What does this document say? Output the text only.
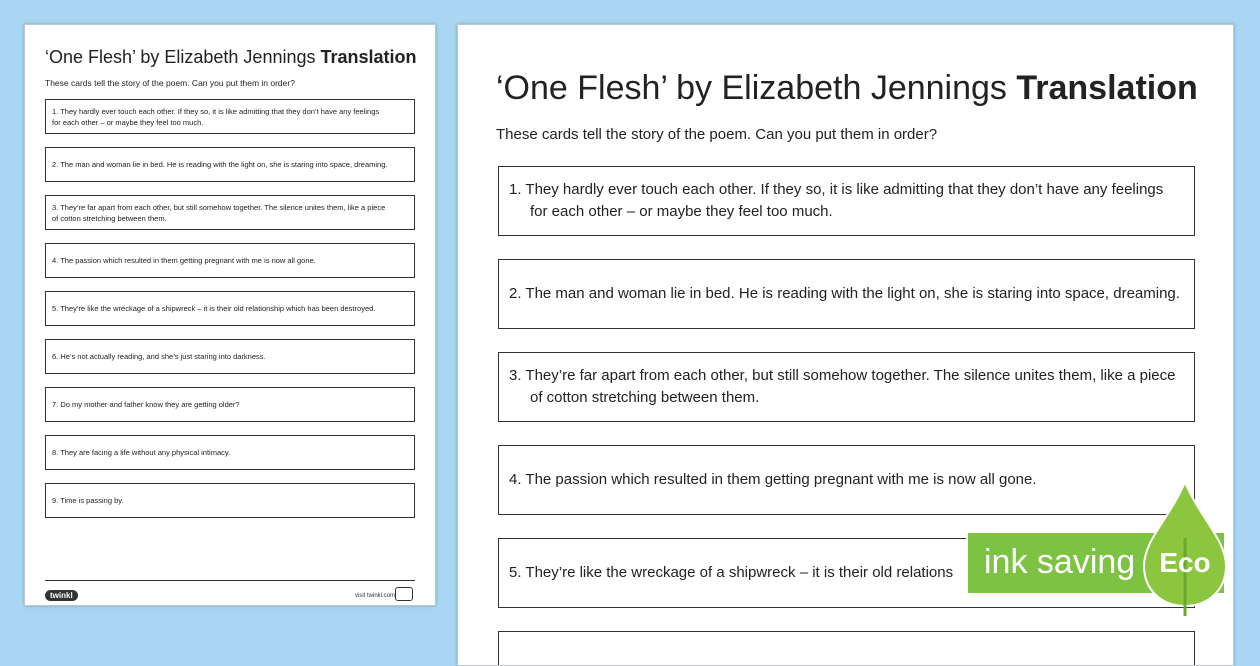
‘One Flesh’ by Elizabeth Jennings Translation
These cards tell the story of the poem. Can you put them in order?
1. They hardly ever touch each other. If they so, it is like admitting that they don’t have any feelings
for each other – or maybe they feel too much.
2. The man and woman lie in bed. He is reading with the light on, she is staring into space, dreaming.
3. They’re far apart from each other, but still somehow together. The silence unites them, like a piece
of cotton stretching between them.
4. The passion which resulted in them getting pregnant with me is now all gone.
5. They’re like the wreckage of a shipwreck – it is their old relationship which has been destroyed.
6. He’s not actually reading, and she’s just staring into darkness.
7. Do my mother and father know they are getting older?
8. They are facing a life without any physical intimacy.
9. Time is passing by.
twinkl	visit twinkl.com
‘One Flesh’ by Elizabeth Jennings Translation
These cards tell the story of the poem. Can you put them in order?
1. They hardly ever touch each other. If they so, it is like admitting that they don’t have any feelings
for each other – or maybe they feel too much.
2. The man and woman lie in bed. He is reading with the light on, she is staring into space, dreaming.
3. They’re far apart from each other, but still somehow together. The silence unites them, like a piece
of cotton stretching between them.
4. The passion which resulted in them getting pregnant with me is now all gone.
5. They’re like the wreckage of a shipwreck – it is their old relations ink saving Eco
